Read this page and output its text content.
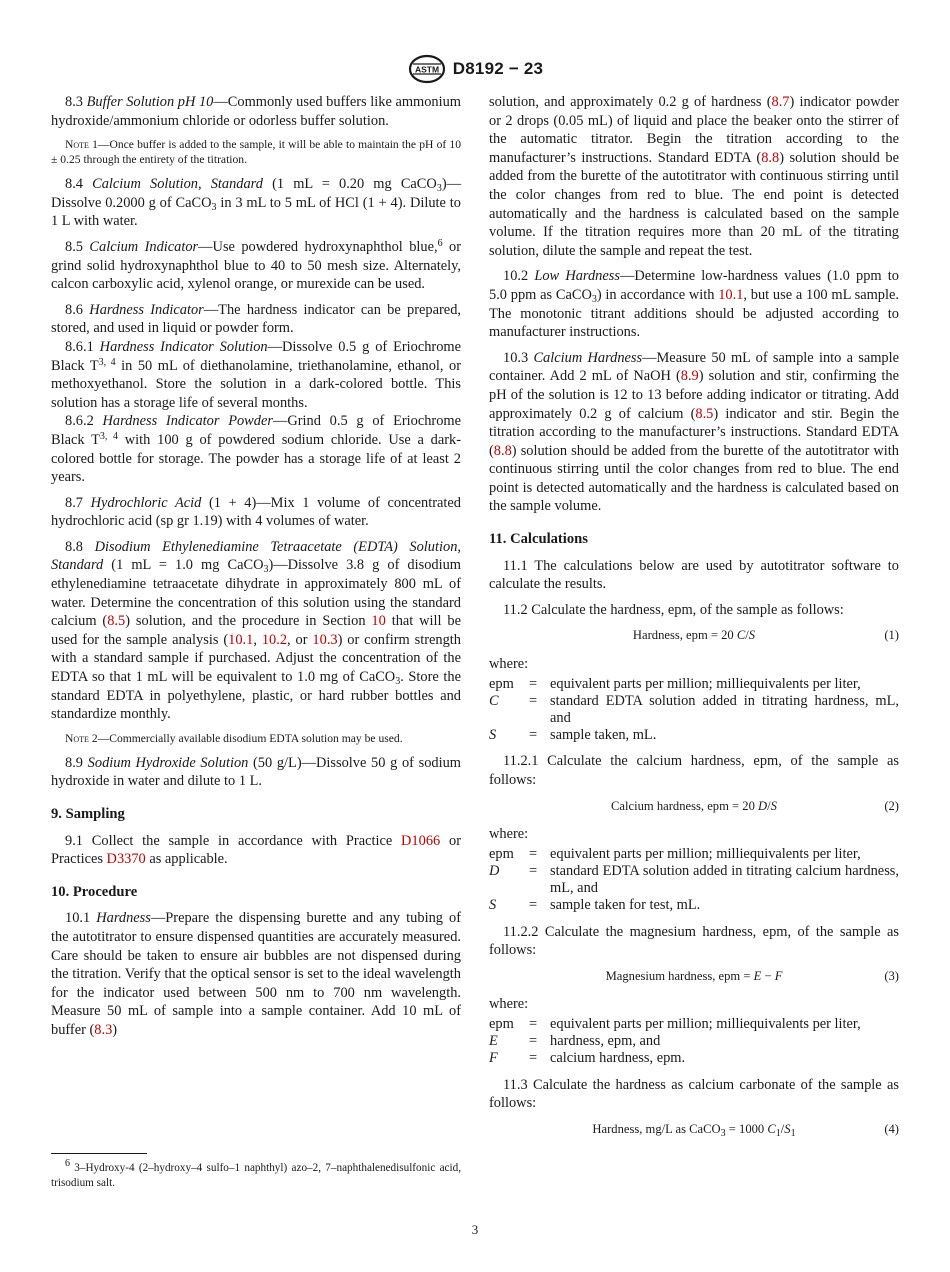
ASTM D8192 − 23

8.3 Buffer Solution pH 10—Commonly used buffers like ammonium hydroxide/ammonium chloride or odorless buffer solution.

Note 1—Once buffer is added to the sample, it will be able to maintain the pH of 10 ± 0.25 through the entirety of the titration.

8.4 Calcium Solution, Standard (1 mL = 0.20 mg CaCO$_3$)—Dissolve 0.2000 g of CaCO$_3$ in 3 mL to 5 mL of HCl (1 + 4). Dilute to 1 L with water.

8.5 Calcium Indicator—Use powdered hydroxynaphthol blue,$^6$ or grind solid hydroxynaphthol blue to 40 to 50 mesh size. Alternately, calcon carboxylic acid, xylenol orange, or murexide can be used.

8.6 Hardness Indicator—The hardness indicator can be prepared, stored, and used in liquid or powder form.

8.6.1 Hardness Indicator Solution—Dissolve 0.5 g of Eriochrome Black T$^{3, 4}$ in 50 mL of diethanolamine, triethanolamine, ethanol, or methoxyethanol. Store the solution in a dark-colored bottle. This solution has a storage life of several months.

8.6.2 Hardness Indicator Powder—Grind 0.5 g of Eriochrome Black T$^{3, 4}$ with 100 g of powdered sodium chloride. Use a dark-colored bottle for storage. The powder has a storage life of at least 2 years.

8.7 Hydrochloric Acid (1 + 4)—Mix 1 volume of concentrated hydrochloric acid (sp gr 1.19) with 4 volumes of water.

8.8 Disodium Ethylenediamine Tetraacetate (EDTA) Solution, Standard (1 mL = 1.0 mg CaCO$_3$)—Dissolve 3.8 g of disodium ethylenediamine tetraacetate dihydrate in approximately 800 mL of water. Determine the concentration of this solution using the standard calcium (8.5) solution, and the procedure in Section 10 that will be used for the sample analysis (10.1, 10.2, or 10.3) or confirm strength with a standard sample if purchased. Adjust the concentration of the EDTA so that 1 mL will be equivalent to 1.0 mg of CaCO$_3$. Store the standard EDTA in polyethylene, plastic, or hard rubber bottles and standardize monthly.

Note 2—Commercially available disodium EDTA solution may be used.

8.9 Sodium Hydroxide Solution (50 g/L)—Dissolve 50 g of sodium hydroxide in water and dilute to 1 L.

9. Sampling

9.1 Collect the sample in accordance with Practice D1066 or Practices D3370 as applicable.

10. Procedure

10.1 Hardness—Prepare the dispensing burette and any tubing of the autotitrator to ensure dispensed quantities are accurately measured. Care should be taken to ensure air bubbles are not dispensed during the titration. Verify that the optical sensor is set to the ideal wavelength for the indicator used between 500 nm to 700 nm wavelength. Measure 50 mL of sample into a sample container. Add 10 mL of buffer (8.3)

$^6$ 3–Hydroxy-4 (2–hydroxy–4 sulfo–1 naphthyl) azo–2, 7–naphthalenedisulfonic acid, trisodium salt.

solution, and approximately 0.2 g of hardness (8.7) indicator powder or 2 drops (0.05 mL) of liquid and place the beaker onto the stirrer of the automatic titrator. Begin the titration according to the manufacturer’s instructions. Standard EDTA (8.8) solution should be added from the burette of the autotitrator with continuous stirring until the color changes from red to blue. The end point is detected automatically and the hardness is calculated based on the sample volume. If the titration requires more than 20 mL of the titrating solution, dilute the sample and repeat the test.

10.2 Low Hardness—Determine low-hardness values (1.0 ppm to 5.0 ppm as CaCO$_3$) in accordance with 10.1, but use a 100 mL sample. The monotonic titrant additions should be adjusted according to manufacturer instructions.

10.3 Calcium Hardness—Measure 50 mL of sample into a sample container. Add 2 mL of NaOH (8.9) solution and stir, confirming the pH of the solution is 12 to 13 before adding indicator or titrating. Add approximately 0.2 g of calcium (8.5) indicator and stir. Begin the titration according to the manufacturer’s instructions. Standard EDTA (8.8) solution should be added from the burette of the autotitrator with continuous stirring until the color changes from red to blue. The end point is detected automatically and the hardness is calculated based on the sample volume.

11. Calculations

11.1 The calculations below are used by autotitrator software to calculate the results.

11.2 Calculate the hardness, epm, of the sample as follows:

Hardness, epm = 20 C/S	(1)
where:
epm	=	equivalent parts per million; milliequivalents per liter,
C	=	standard EDTA solution added in titrating hardness, mL, and
S	=	sample taken, mL.

11.2.1 Calculate the calcium hardness, epm, of the sample as follows:

Calcium hardness, epm = 20 D/S	(2)
where:
epm	=	equivalent parts per million; milliequivalents per liter,
D	=	standard EDTA solution added in titrating calcium hardness, mL, and
S	=	sample taken for test, mL.

11.2.2 Calculate the magnesium hardness, epm, of the sample as follows:

Magnesium hardness, epm = E − F	(3)
where:
epm	=	equivalent parts per million; milliequivalents per liter,
E	=	hardness, epm, and
F	=	calcium hardness, epm.

11.3 Calculate the hardness as calcium carbonate of the sample as follows:

Hardness, mg/L as CaCO$_3$ = 1000 $C_1/S_1$	(4)
3
